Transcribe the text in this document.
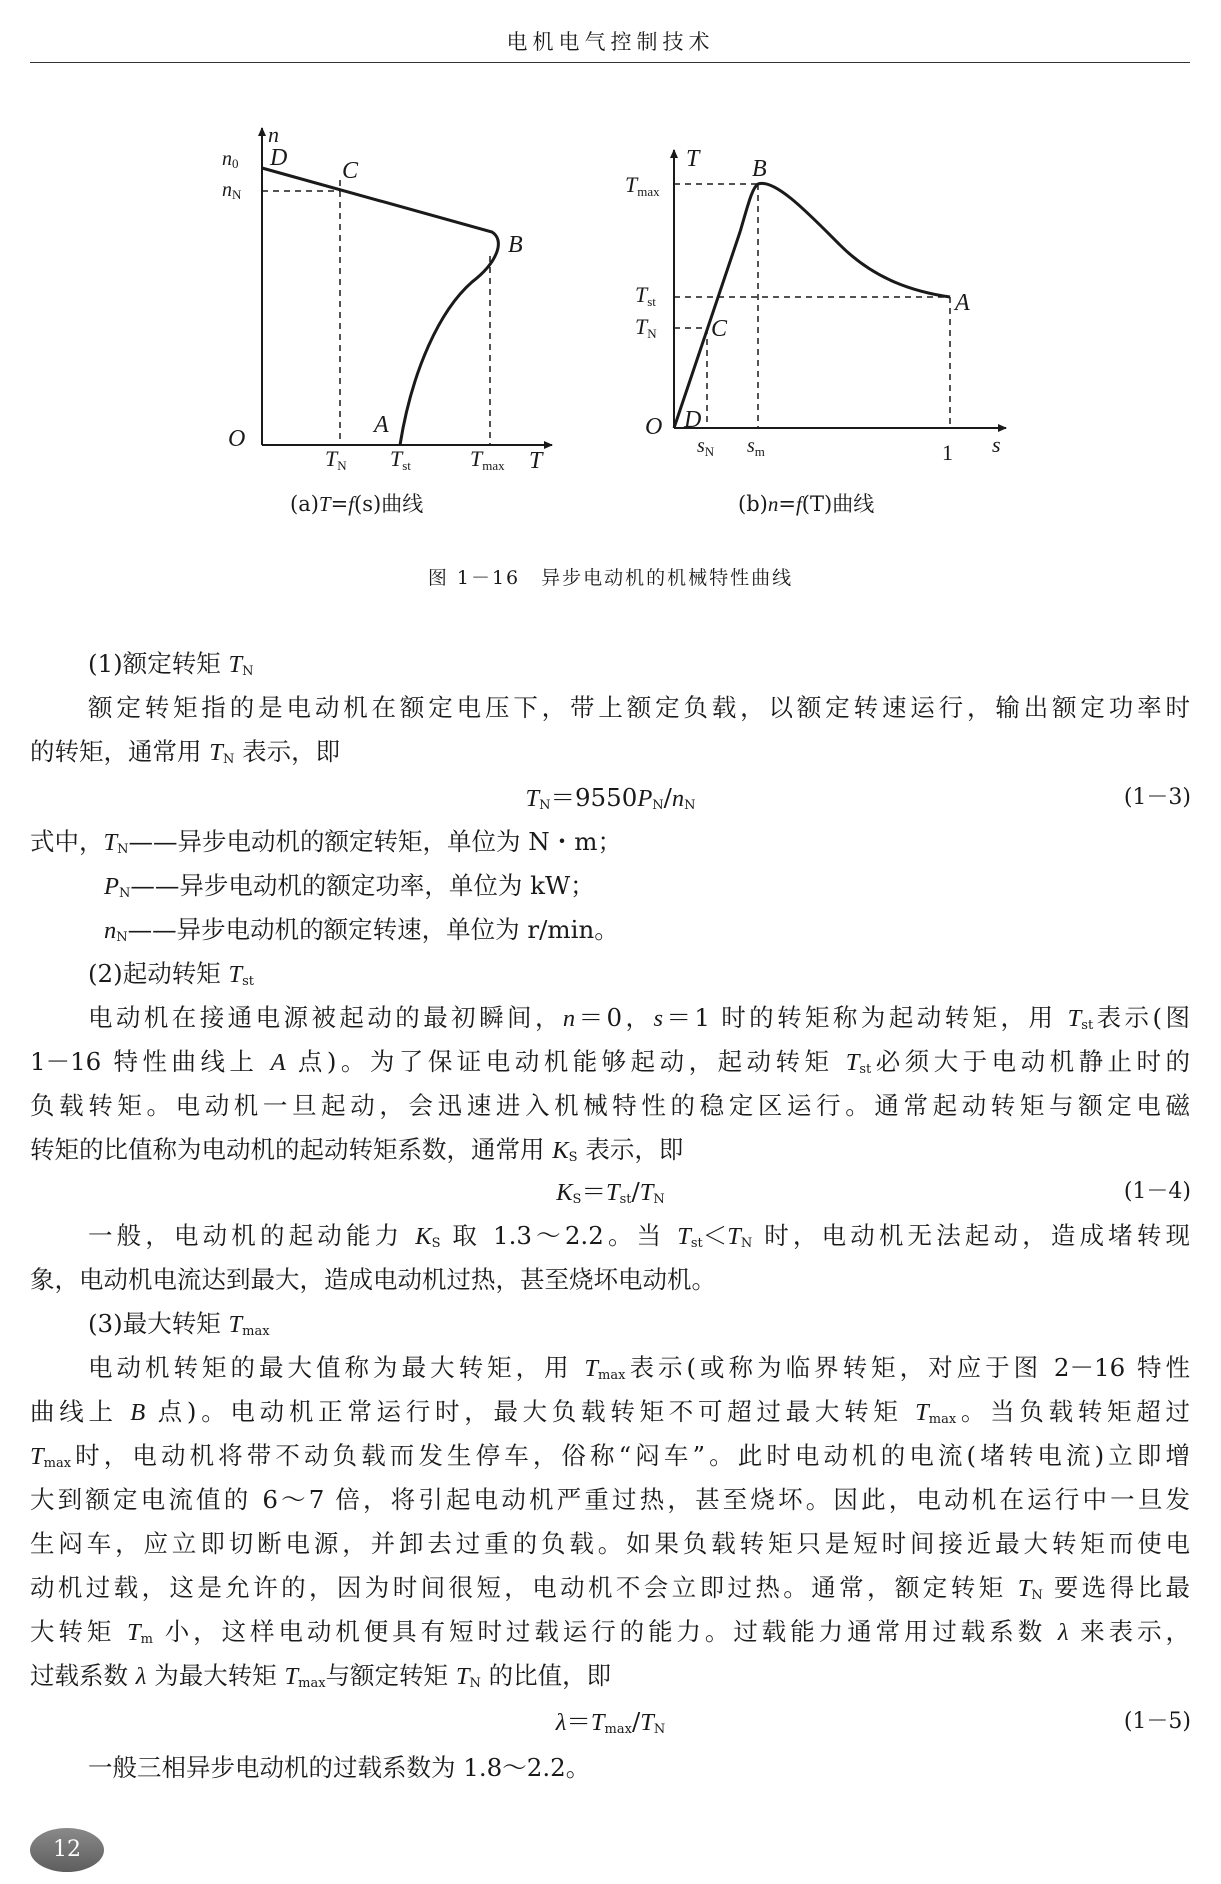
电机电气控制技术
n
n0
nN
D C
B
A
O
T
TN Tst	Tmax
T B
A
C
D
O
s
Tmax
Tst
TN
$s_N$ $s_m$	1
(a)T=f(s)曲线	(b)n=f(T)曲线
图 1－16　异步电动机的机械特性曲线
(1)额定转矩 $T_N$
额定转矩指的是电动机在额定电压下，带上额定负载，以额定转速运行，输出额定功率时
的转矩，通常用 $T_N$ 表示，即
$T_N=9550P_N/n_N$	(1－3)
式中，$T_N——$异步电动机的额定转矩，单位为 N・m；
$P_N——$异步电动机的额定功率，单位为 kW；
$n_N——$异步电动机的额定转速，单位为 r/min。
(2)起动转矩 $T_{st}$
电动机在接通电源被起动的最初瞬间，n＝0，s＝1 时的转矩称为起动转矩，用 $T_{st}$表示(图
1－16 特性曲线上 A 点)。为了保证电动机能够起动，起动转矩 $T_{st}$必须大于电动机静止时的
负载转矩。电动机一旦起动，会迅速进入机械特性的稳定区运行。通常起动转矩与额定电磁
转矩的比值称为电动机的起动转矩系数，通常用 $K_S$ 表示，即
$K_S=T_{st}/T_N$	(1－4)
一般，电动机的起动能力 $K_S$ 取 1.3～2.2。当 $T_{st}<T_N$ 时，电动机无法起动，造成堵转现
象，电动机电流达到最大，造成电动机过热，甚至烧坏电动机。
(3)最大转矩 $T_{max}$
电动机转矩的最大值称为最大转矩，用 $T_{max}$表示(或称为临界转矩，对应于图 2－16 特性
曲线上 B 点)。电动机正常运行时，最大负载转矩不可超过最大转矩 $T_{max}$。当负载转矩超过
$T_{max}$时，电动机将带不动负载而发生停车，俗称“闷车”。此时电动机的电流(堵转电流)立即增
大到额定电流值的 6～7 倍，将引起电动机严重过热，甚至烧坏。因此，电动机在运行中一旦发
生闷车，应立即切断电源，并卸去过重的负载。如果负载转矩只是短时间接近最大转矩而使电
动机过载，这是允许的，因为时间很短，电动机不会立即过热。通常，额定转矩 $T_N$ 要选得比最
大转矩 $T_m$ 小，这样电动机便具有短时过载运行的能力。过载能力通常用过载系数 λ 来表示，
过载系数 λ 为最大转矩 $T_{max}$与额定转矩 $T_N$ 的比值，即
$\lambda=T_{max}/T_N$	(1－5)
一般三相异步电动机的过载系数为 1.8～2.2。
12
